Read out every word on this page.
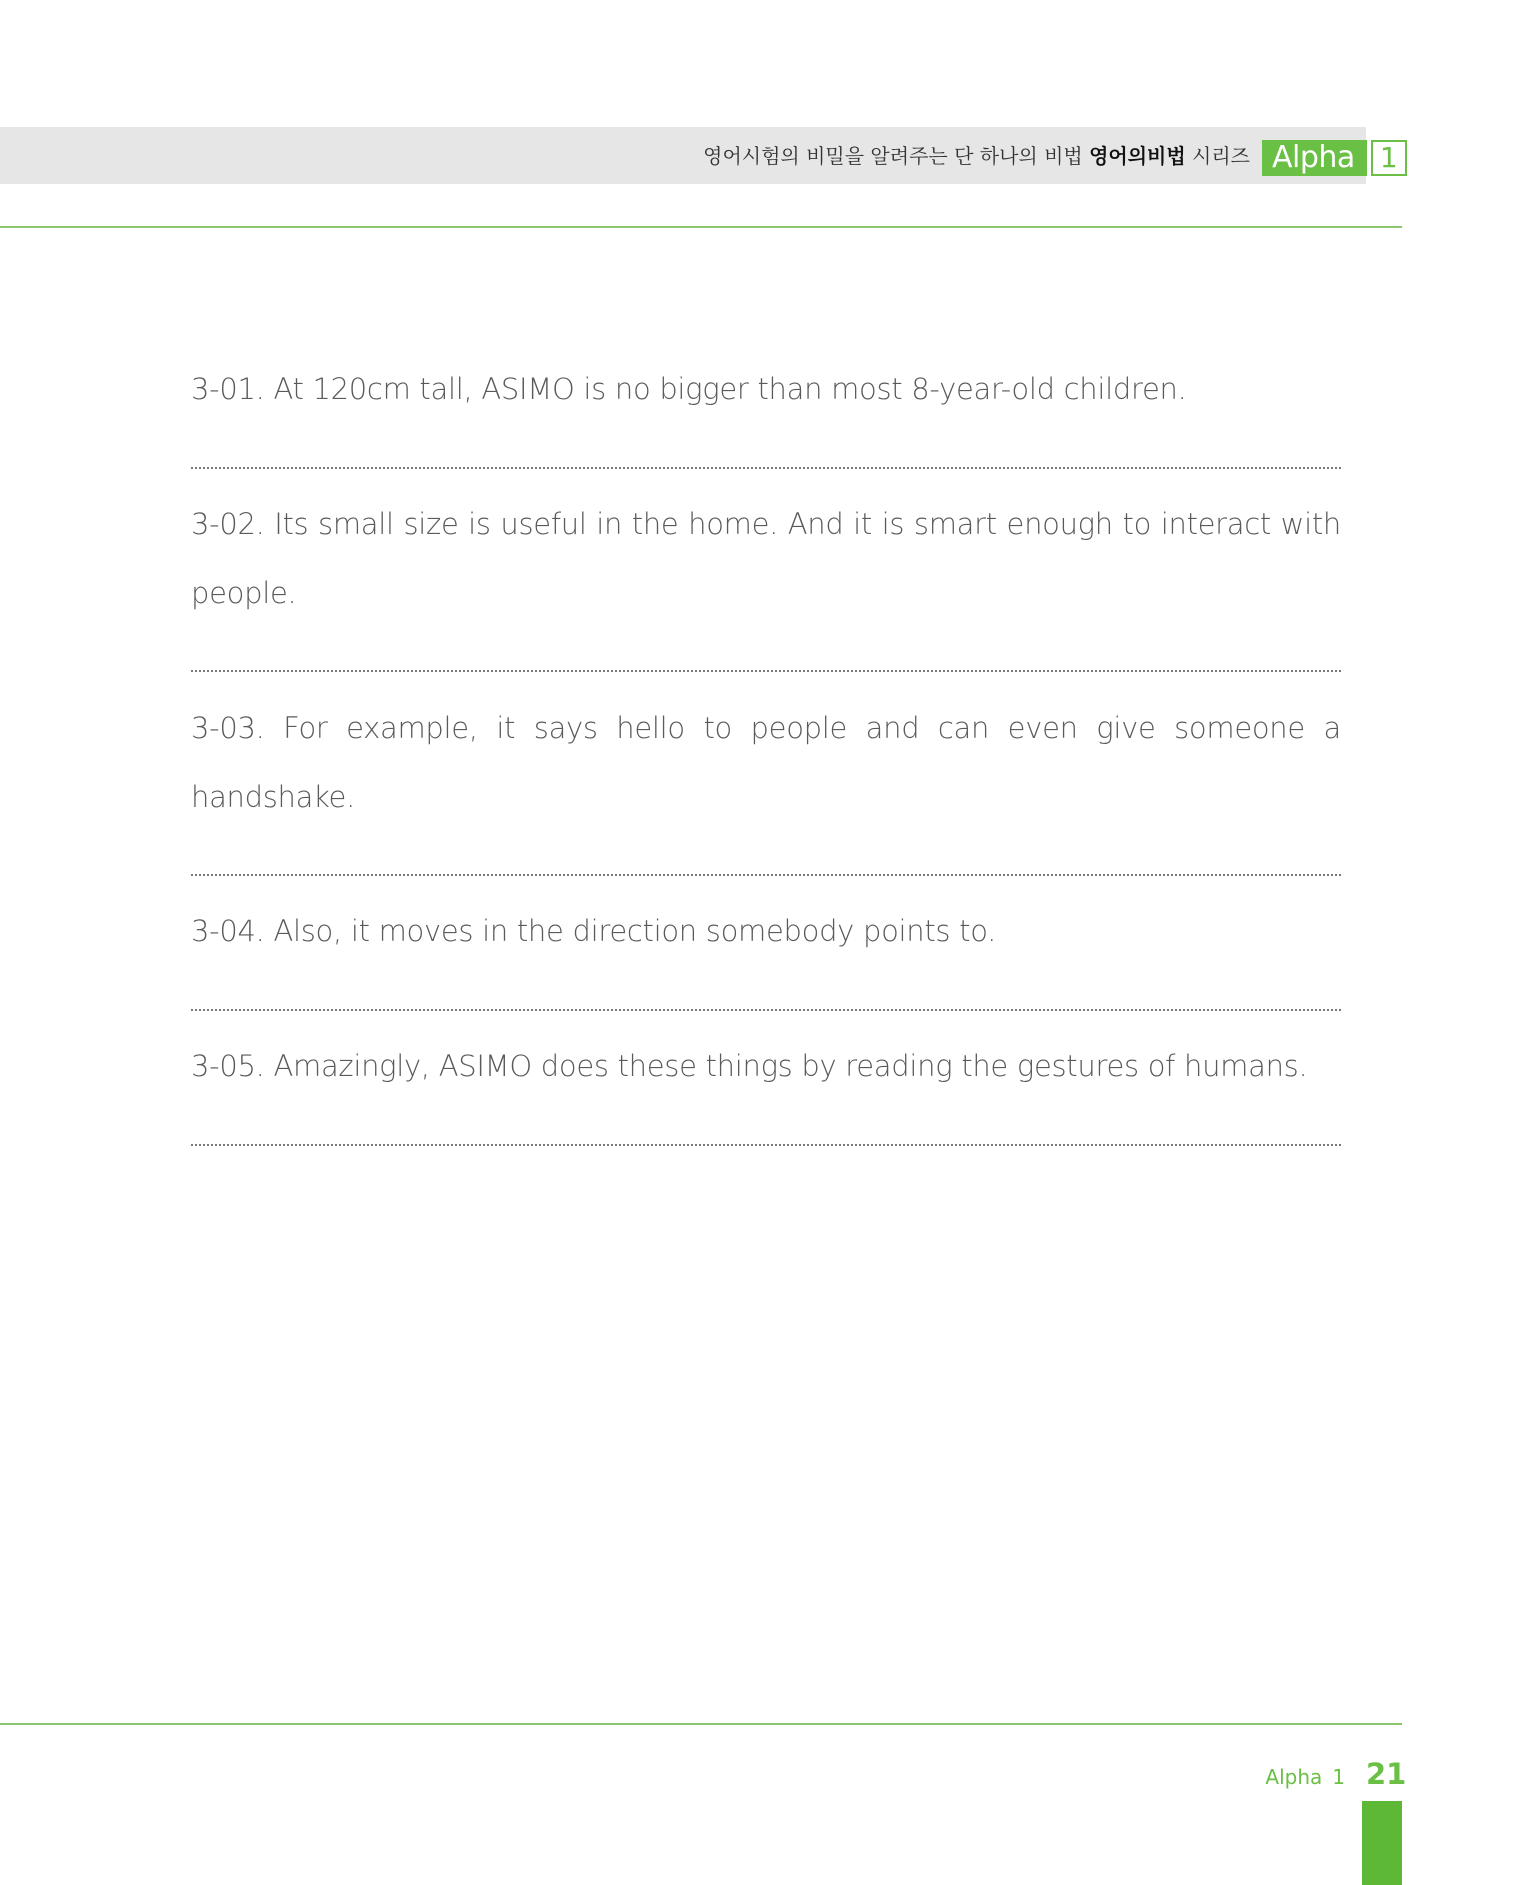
영어시험의 비밀을 알려주는 단 하나의 비법 영어의비법 시리즈 Alpha 1
3-01. At 120cm tall, ASIMO is no bigger than most 8-year-old children.
3-02. Its small size is useful in the home. And it is smart enough to interact with people.
3-03. For example, it says hello to people and can even give someone a handshake.
3-04. Also, it moves in the direction somebody points to.
3-05. Amazingly, ASIMO does these things by reading the gestures of humans.
Alpha 1 21
